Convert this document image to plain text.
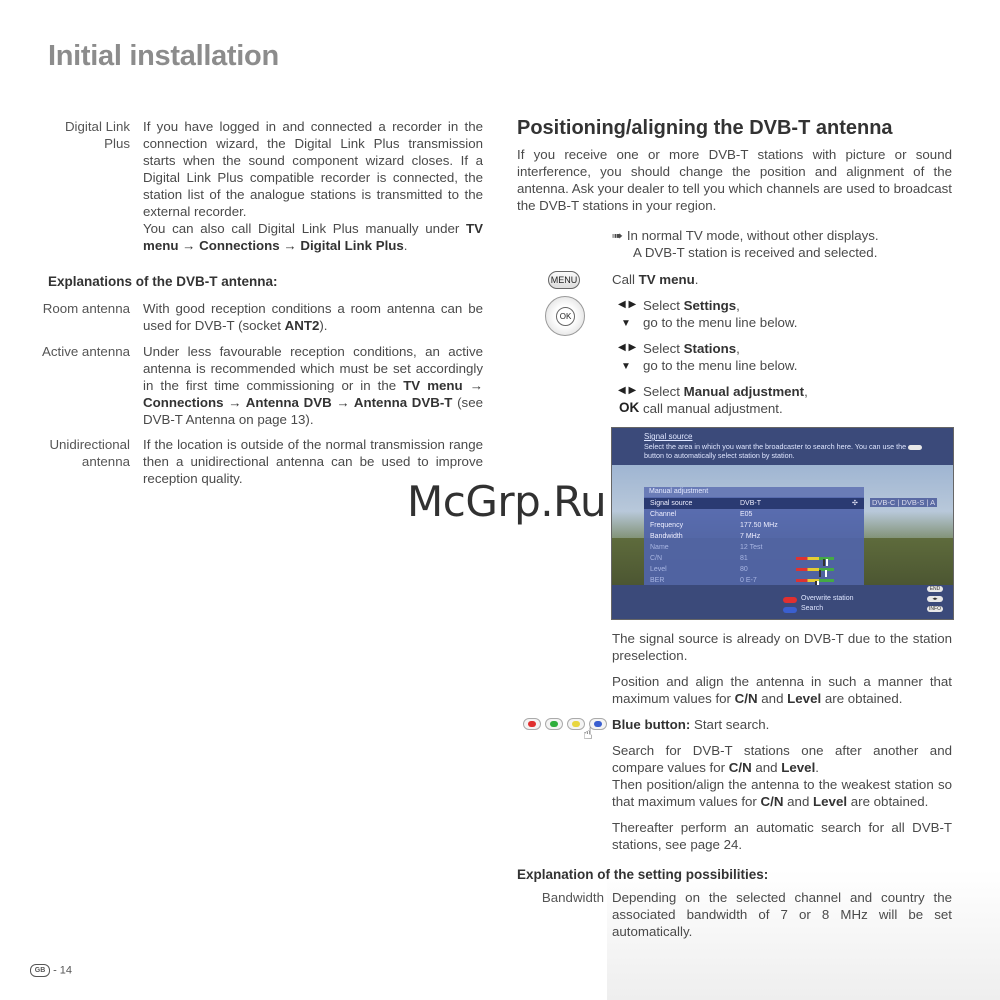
Initial installation
Digital Link Plus
If you have logged in and connected a recorder in the connection wizard, the Digital Link Plus transmission starts when the sound component wizard closes. If a Digital Link Plus compatible recorder is connected, the station list of the analogue stations is transmitted to the external recorder.
You can also call Digital Link Plus manually under TV menu → Connections → Digital Link Plus.
Explanations of the DVB-T antenna:
Room antenna With good reception conditions a room antenna can be used for DVB-T (socket ANT2).
Active antenna Under less favourable reception conditions, an active antenna is recommended which must be set accordingly in the first time commissioning or in the TV menu → Connections → Antenna DVB → Antenna DVB-T (see DVB-T Antenna on page 13).
Unidirectional antenna
If the location is outside of the normal transmission range then a unidirectional antenna can be used to improve reception quality.
Positioning/aligning the DVB-T antenna
If you receive one or more DVB-T stations with picture or sound interference, you should change the position and alignment of the antenna. Ask your dealer to tell you which channels are used to broadcast the DVB-T stations in your region.
➠ In normal TV mode, without other displays.
A DVB-T station is received and selected.
MENU	Call TV menu.
OK
◀ ▶ Select Settings,
▼ go to the menu line below.
◀ ▶ Select Stations,
▼ go to the menu line below.
◀ ▶ Select Manual adjustment,
OK call manual adjustment.
Signal source
Select the area in which you want the broadcaster to search here. You can use the  button to automatically select station by station.
Manual adjustment
DVB-C | DVB-S | A
Signal source	DVB-T	✣
Channel	E05
Frequency	177.50 MHz
Bandwidth	7 MHz
Name	12 Test
C/N	81
Level	80
BER	0 E-7
END
◂▸
Overwrite station
Search	INFO
The signal source is already on DVB-T due to the station preselection.
Position and align the antenna in such a manner that maximum values for C/N and Level are obtained.
☝
Blue button: Start search.
Search for DVB-T stations one after another and compare values for C/N and Level.
Then position/align the antenna to the weakest station so that maximum values for C/N and Level are obtained.
Thereafter perform an automatic search for all DVB-T stations, see page 24.
Explanation of the setting possibilities:
Bandwidth Depending on the selected channel and country the associated bandwidth of 7 or 8 MHz will be set automatically.
GB - 14
McGrp.Ru
